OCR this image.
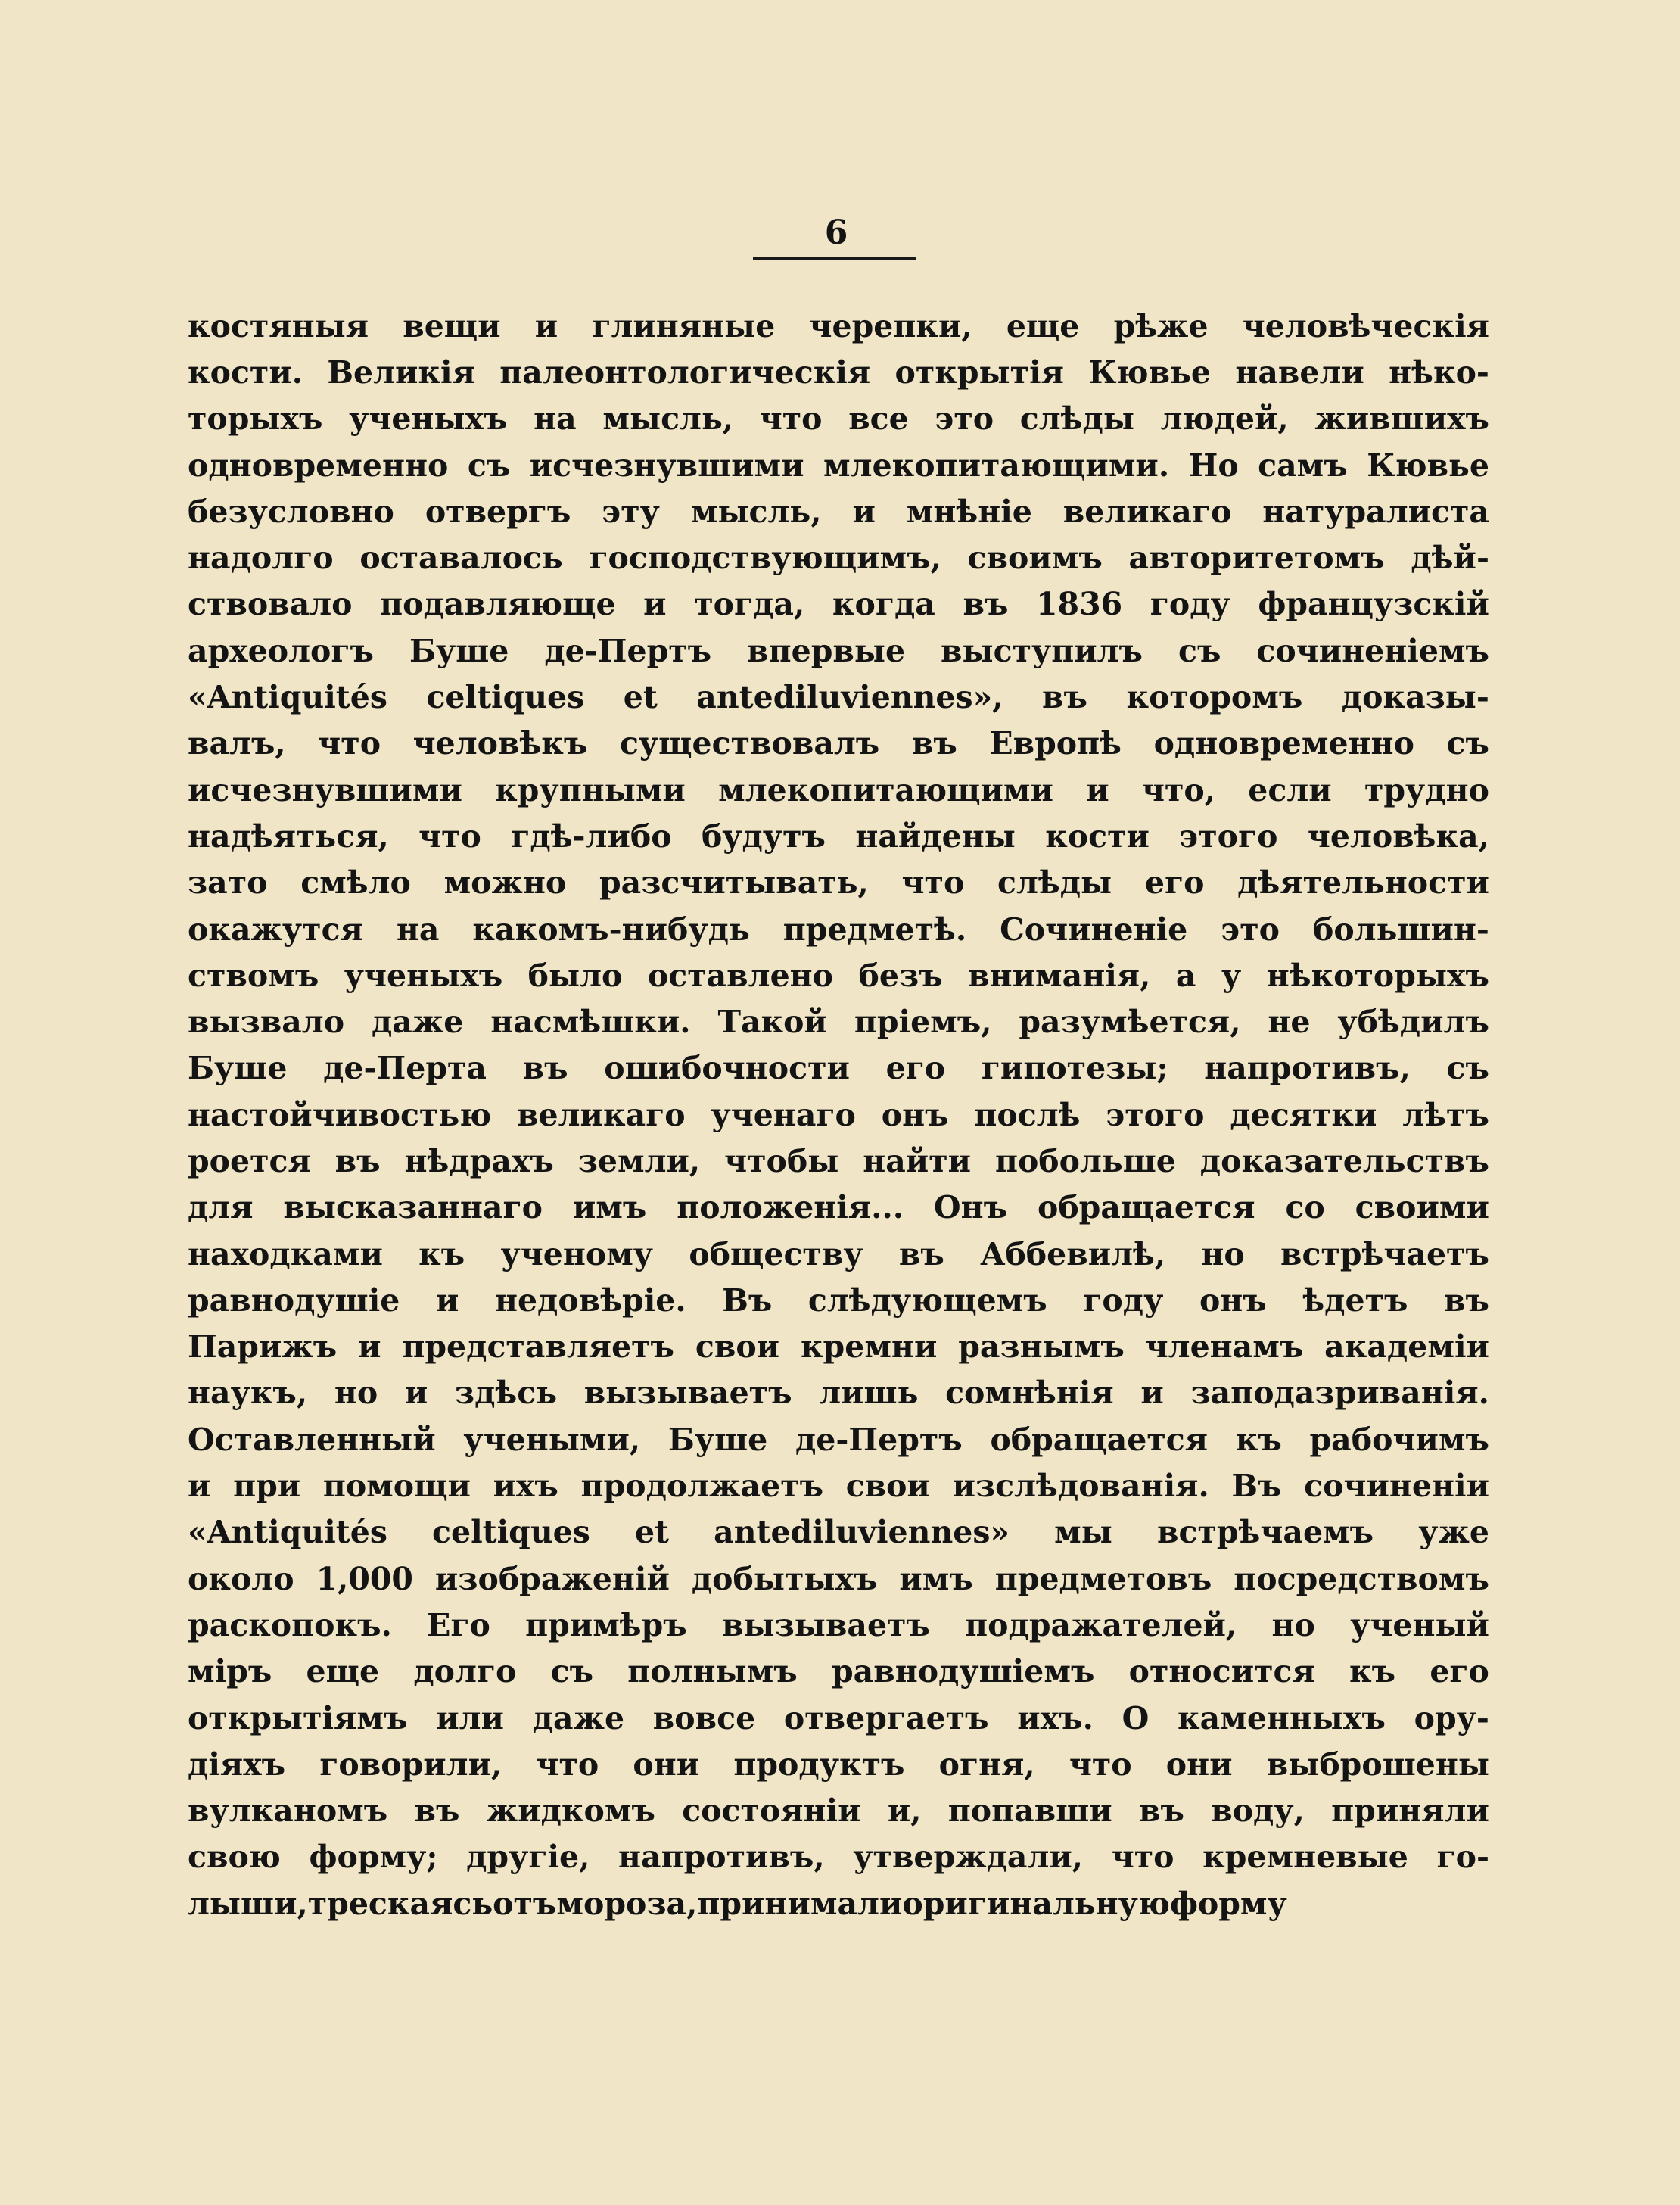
6
костяныя вещи и глиняные черепки, еще рѣже человѣческія
кости. Великія палеонтологическія открытія Кювье навели нѣко-
торыхъ ученыхъ на мысль, что все это слѣды людей, жившихъ
одновременно съ исчезнувшими млекопитающими. Но самъ Кювье
безусловно отвергъ эту мысль, и мнѣніе великаго натуралиста
надолго оставалось господствующимъ, своимъ авторитетомъ дѣй-
ствовало подавляюще и тогда, когда въ 1836 году французскій
археологъ Буше де-Пертъ впервые выступилъ съ сочиненіемъ
«Antiquités celtiques et antediluviennes», въ которомъ доказы-
валъ, что человѣкъ существовалъ въ Европѣ одновременно съ
исчезнувшими крупными млекопитающими и что, если трудно
надѣяться, что гдѣ-либо будутъ найдены кости этого человѣка,
зато смѣло можно разсчитывать, что слѣды его дѣятельности
окажутся на какомъ-нибудь предметѣ. Сочиненіе это большин-
ствомъ ученыхъ было оставлено безъ вниманія, а у нѣкоторыхъ
вызвало даже насмѣшки. Такой пріемъ, разумѣется, не убѣдилъ
Буше де-Перта въ ошибочности его гипотезы; напротивъ, съ
настойчивостью великаго ученаго онъ послѣ этого десятки лѣтъ
роется въ нѣдрахъ земли, чтобы найти побольше доказательствъ
для высказаннаго имъ положенія... Онъ обращается со своими
находками къ ученому обществу въ Аббевилѣ, но встрѣчаетъ
равнодушіе и недовѣріе. Въ слѣдующемъ году онъ ѣдетъ въ
Парижъ и представляетъ свои кремни разнымъ членамъ академіи
наукъ, но и здѣсь вызываетъ лишь сомнѣнія и заподазриванія.
Оставленный учеными, Буше де-Пертъ обращается къ рабочимъ
и при помощи ихъ продолжаетъ свои изслѣдованія. Въ сочиненіи
«Antiquités celtiques et antediluviennes» мы встрѣчаемъ уже
около 1,000 изображеній добытыхъ имъ предметовъ посредствомъ
раскопокъ. Его примѣръ вызываетъ подражателей, но ученый
міръ еще долго съ полнымъ равнодушіемъ относится къ его
открытіямъ или даже вовсе отвергаетъ ихъ. О каменныхъ ору-
діяхъ говорили, что они продуктъ огня, что они выброшены
вулканомъ въ жидкомъ состояніи и, попавши въ воду, приняли
свою форму; другіе, напротивъ, утверждали, что кремневые го-
лыши, трескаясь отъ мороза, принимали оригинальную форму
